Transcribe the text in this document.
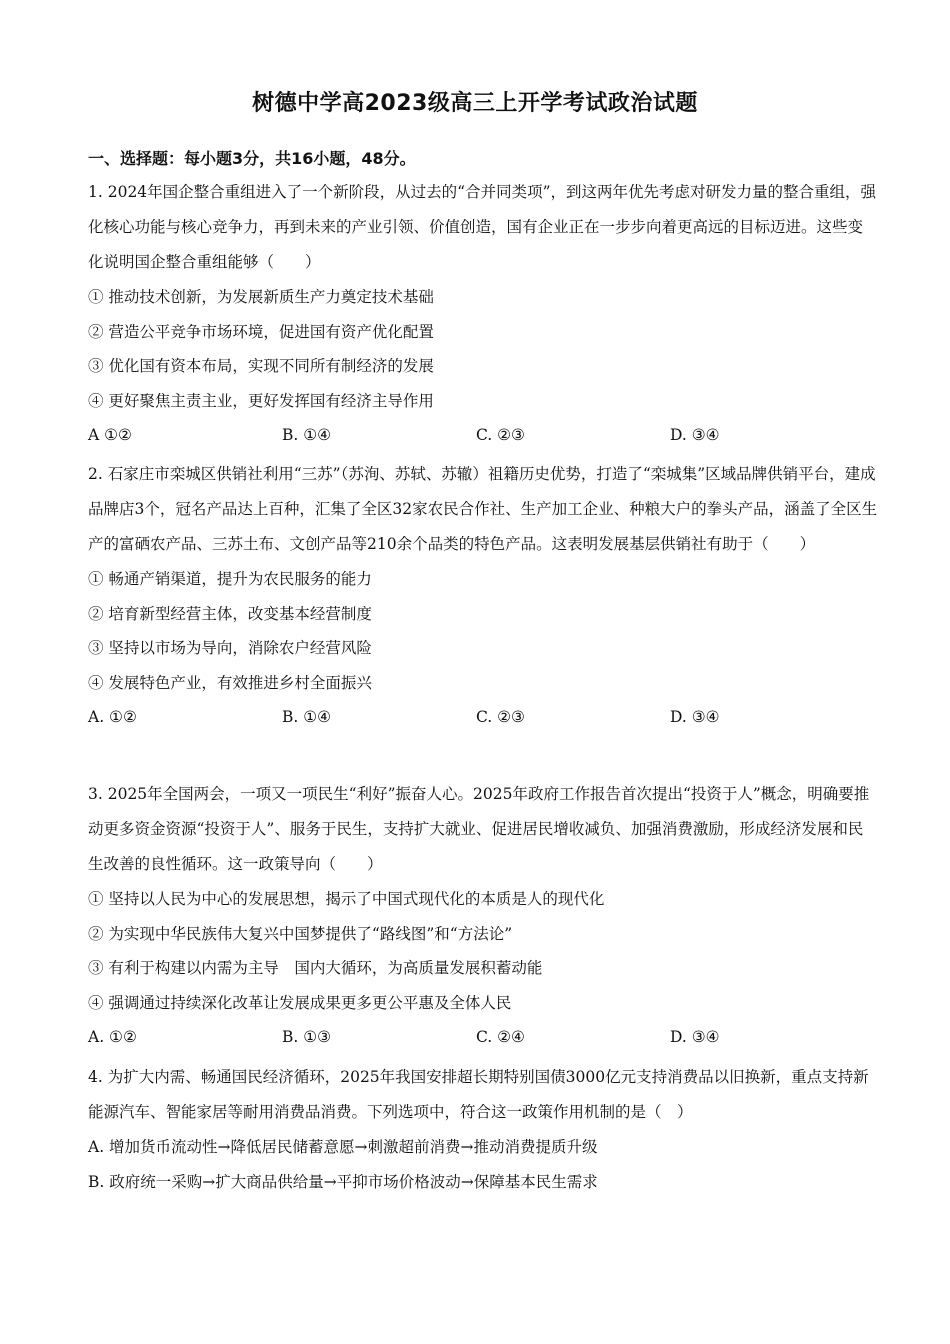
树德中学高2023级高三上开学考试政治试题
一、选择题：每小题3分，共16小题，48分。
1. 2024年国企整合重组进入了一个新阶段，从过去的“合并同类项”，到这两年优先考虑对研发力量的整合重组，强化核心功能与核心竞争力，再到未来的产业引领、价值创造，国有企业正在一步步向着更高远的目标迈进。这些变化说明国企整合重组能够（　　）
① 推动技术创新，为发展新质生产力奠定技术基础
② 营造公平竞争市场环境，促进国有资产优化配置
③ 优化国有资本布局，实现不同所有制经济的发展
④ 更好聚焦主责主业，更好发挥国有经济主导作用
A ①②	B. ①④	C. ②③	D. ③④
2. 石家庄市栾城区供销社利用“三苏”（苏洵、苏轼、苏辙）祖籍历史优势，打造了“栾城集”区域品牌供销平台，建成品牌店3个，冠名产品达上百种，汇集了全区32家农民合作社、生产加工企业、种粮大户的拳头产品，涵盖了全区生产的富硒农产品、三苏土布、文创产品等210余个品类的特色产品。这表明发展基层供销社有助于（　　）
① 畅通产销渠道，提升为农民服务的能力
② 培育新型经营主体，改变基本经营制度
③ 坚持以市场为导向，消除农户经营风险
④ 发展特色产业，有效推进乡村全面振兴
A. ①②	B. ①④	C. ②③	D. ③④
3. 2025年全国两会，一项又一项民生“利好”振奋人心。2025年政府工作报告首次提出“投资于人”概念，明确要推动更多资金资源“投资于人”、服务于民生，支持扩大就业、促进居民增收减负、加强消费激励，形成经济发展和民生改善的良性循环。这一政策导向（　　）
① 坚持以人民为中心的发展思想，揭示了中国式现代化的本质是人的现代化
② 为实现中华民族伟大复兴中国梦提供了“路线图”和“方法论”
③ 有利于构建以内需为主导　国内大循环，为高质量发展积蓄动能
④ 强调通过持续深化改革让发展成果更多更公平惠及全体人民
A. ①②	B. ①③	C. ②④	D. ③④
4. 为扩大内需、畅通国民经济循环，2025年我国安排超长期特别国债3000亿元支持消费品以旧换新，重点支持新能源汽车、智能家居等耐用消费品消费。下列选项中，符合这一政策作用机制的是（　）
A. 增加货币流动性→降低居民储蓄意愿→刺激超前消费→推动消费提质升级
B. 政府统一采购→扩大商品供给量→平抑市场价格波动→保障基本民生需求
